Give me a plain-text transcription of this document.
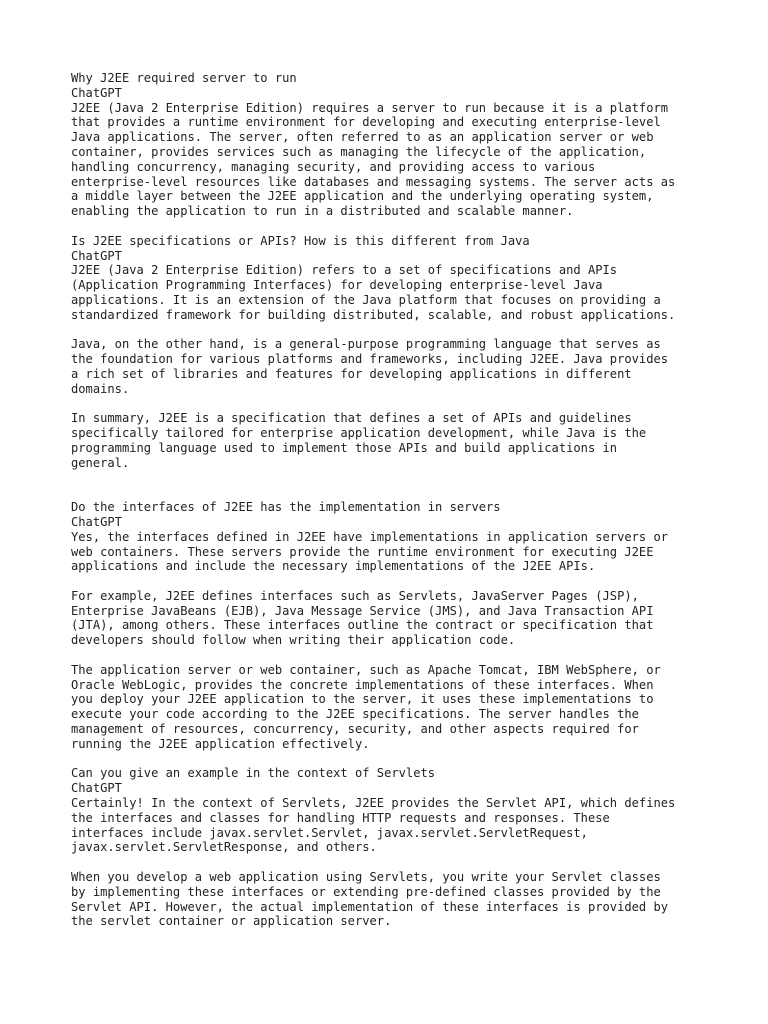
Why J2EE required server to run
ChatGPT
J2EE (Java 2 Enterprise Edition) requires a server to run because it is a platform
that provides a runtime environment for developing and executing enterprise-level
Java applications. The server, often referred to as an application server or web
container, provides services such as managing the lifecycle of the application,
handling concurrency, managing security, and providing access to various
enterprise-level resources like databases and messaging systems. The server acts as
a middle layer between the J2EE application and the underlying operating system,
enabling the application to run in a distributed and scalable manner.
Is J2EE specifications or APIs? How is this different from Java
ChatGPT
J2EE (Java 2 Enterprise Edition) refers to a set of specifications and APIs
(Application Programming Interfaces) for developing enterprise-level Java
applications. It is an extension of the Java platform that focuses on providing a
standardized framework for building distributed, scalable, and robust applications.
Java, on the other hand, is a general-purpose programming language that serves as
the foundation for various platforms and frameworks, including J2EE. Java provides
a rich set of libraries and features for developing applications in different
domains.
In summary, J2EE is a specification that defines a set of APIs and guidelines
specifically tailored for enterprise application development, while Java is the
programming language used to implement those APIs and build applications in
general.
Do the interfaces of J2EE has the implementation in servers
ChatGPT
Yes, the interfaces defined in J2EE have implementations in application servers or
web containers. These servers provide the runtime environment for executing J2EE
applications and include the necessary implementations of the J2EE APIs.
For example, J2EE defines interfaces such as Servlets, JavaServer Pages (JSP),
Enterprise JavaBeans (EJB), Java Message Service (JMS), and Java Transaction API
(JTA), among others. These interfaces outline the contract or specification that
developers should follow when writing their application code.
The application server or web container, such as Apache Tomcat, IBM WebSphere, or
Oracle WebLogic, provides the concrete implementations of these interfaces. When
you deploy your J2EE application to the server, it uses these implementations to
execute your code according to the J2EE specifications. The server handles the
management of resources, concurrency, security, and other aspects required for
running the J2EE application effectively.
Can you give an example in the context of Servlets
ChatGPT
Certainly! In the context of Servlets, J2EE provides the Servlet API, which defines
the interfaces and classes for handling HTTP requests and responses. These
interfaces include javax.servlet.Servlet, javax.servlet.ServletRequest,
javax.servlet.ServletResponse, and others.
When you develop a web application using Servlets, you write your Servlet classes
by implementing these interfaces or extending pre-defined classes provided by the
Servlet API. However, the actual implementation of these interfaces is provided by
the servlet container or application server.
